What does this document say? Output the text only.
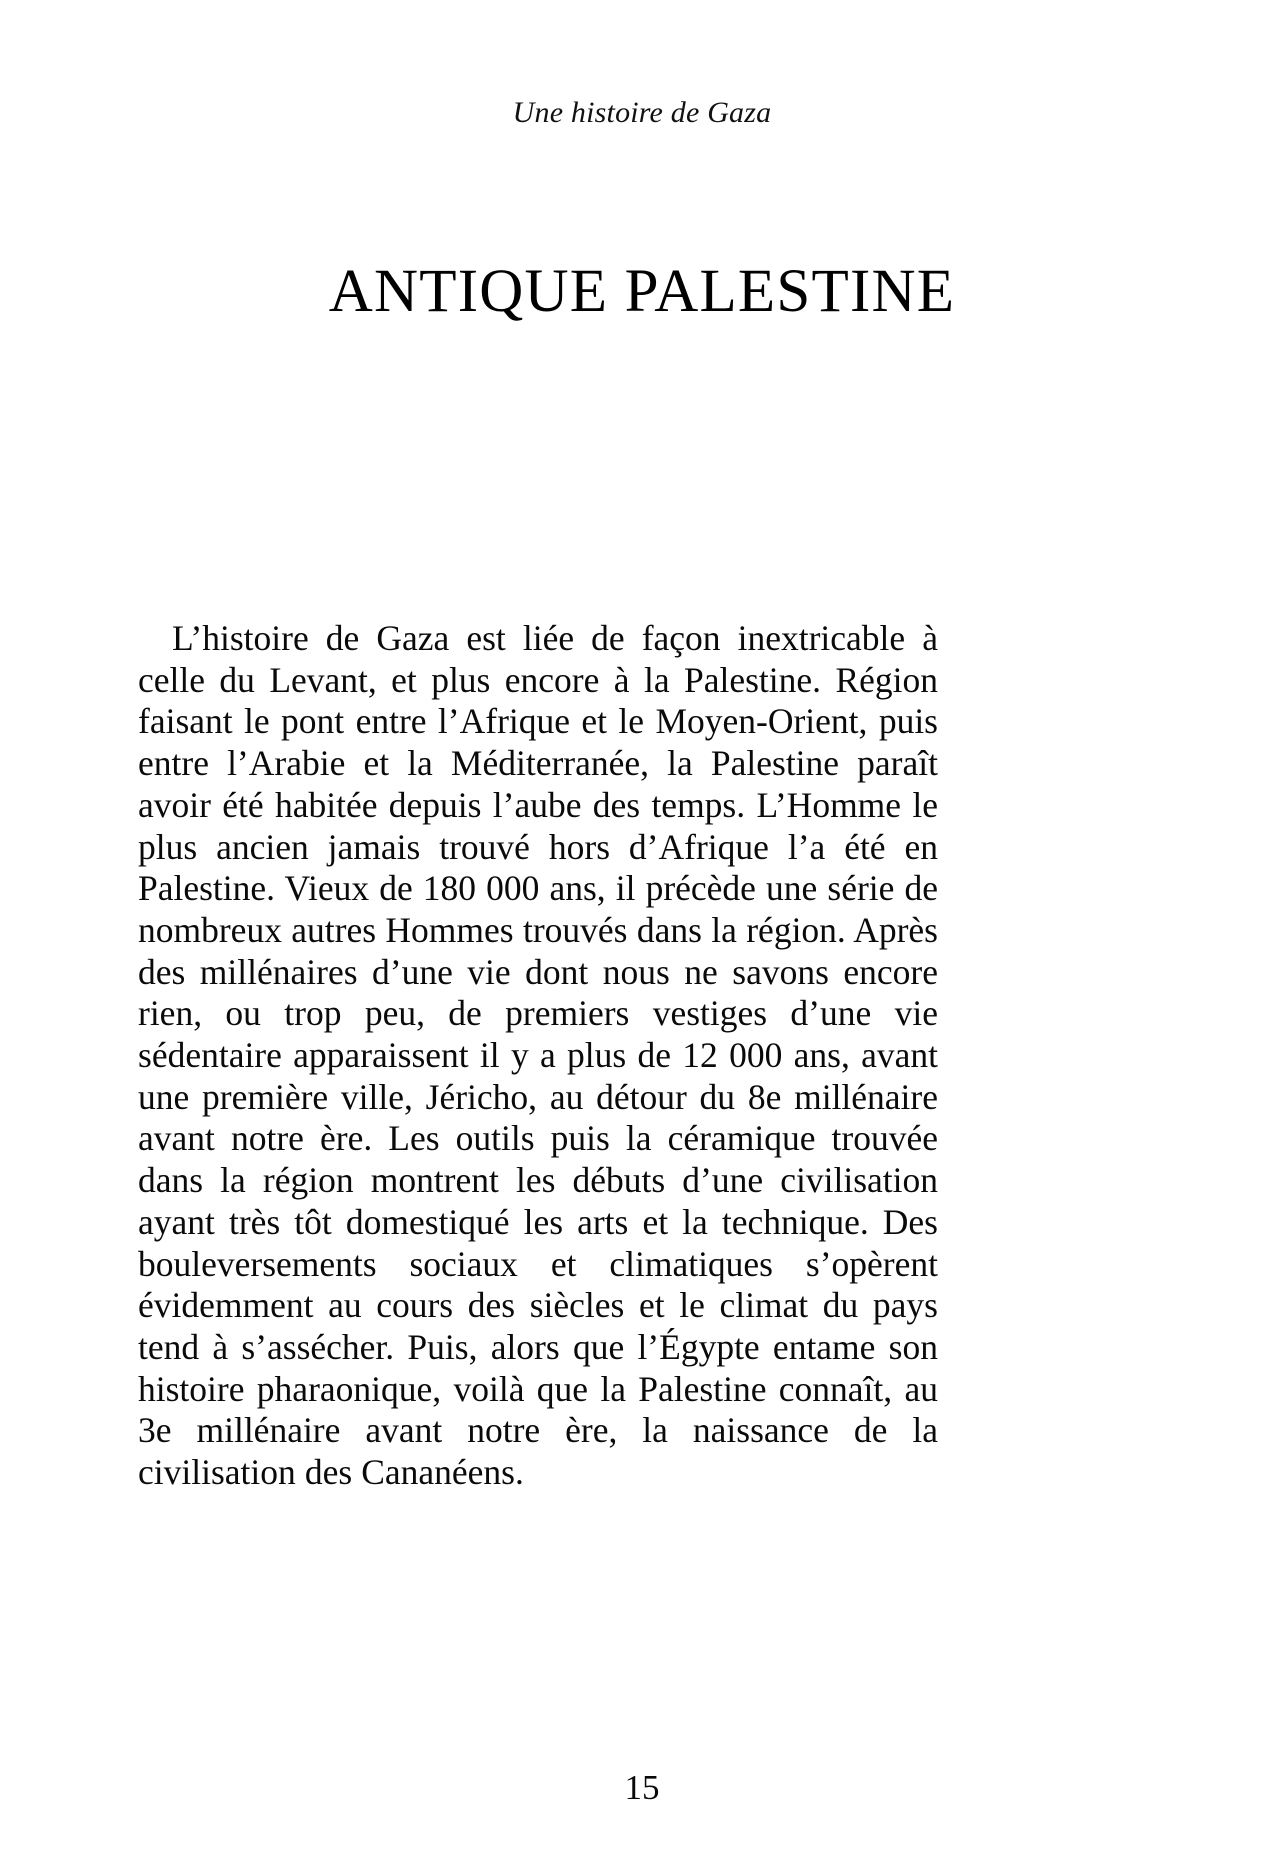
Une histoire de Gaza
ANTIQUE PALESTINE

L’histoire de Gaza est liée de façon inextricable à celle du Levant, et plus encore à la Palestine. Région faisant le pont entre l’Afrique et le Moyen-Orient, puis entre l’Arabie et la Méditerranée, la Palestine paraît avoir été habitée depuis l’aube des temps. L’Homme le plus ancien jamais trouvé hors d’Afrique l’a été en Palestine. Vieux de 180 000 ans, il précède une série de nombreux autres Hommes trouvés dans la région. Après des millénaires d’une vie dont nous ne savons encore rien, ou trop peu, de premiers vestiges d’une vie sédentaire apparaissent il y a plus de 12 000 ans, avant une première ville, Jéricho, au détour du 8e millénaire avant notre ère. Les outils puis la céramique trouvée dans la région montrent les débuts d’une civilisation ayant très tôt domestiqué les arts et la technique. Des bouleversements sociaux et climatiques s’opèrent évidemment au cours des siècles et le climat du pays tend à s’assécher. Puis, alors que l’Égypte entame son histoire pharaonique, voilà que la Palestine connaît, au 3e millénaire avant notre ère, la naissance de la civilisation des Cananéens.

15
